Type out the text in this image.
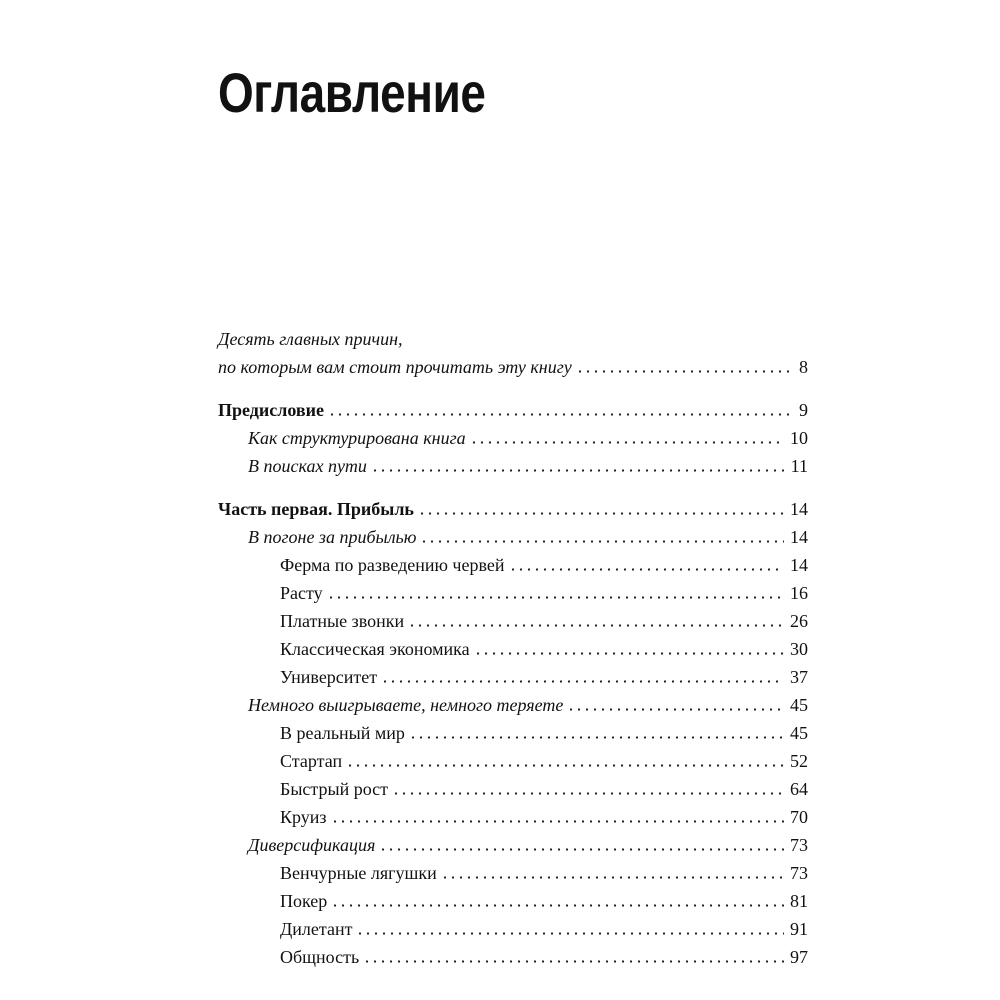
Оглавление
Десять главных причин,
по которым вам стоит прочитать эту книгу	8
Предисловие	9
Как структурирована книга	10
В поисках пути	11
Часть первая. Прибыль	14
В погоне за прибылью	14
Ферма по разведению червей	14
Расту	16
Платные звонки	26
Классическая экономика	30
Университет	37
Немного выигрываете, немного теряете	45
В реальный мир	45
Стартап	52
Быстрый рост	64
Круиз	70
Диверсификация	73
Венчурные лягушки	73
Покер	81
Дилетант	91
Общность	97
